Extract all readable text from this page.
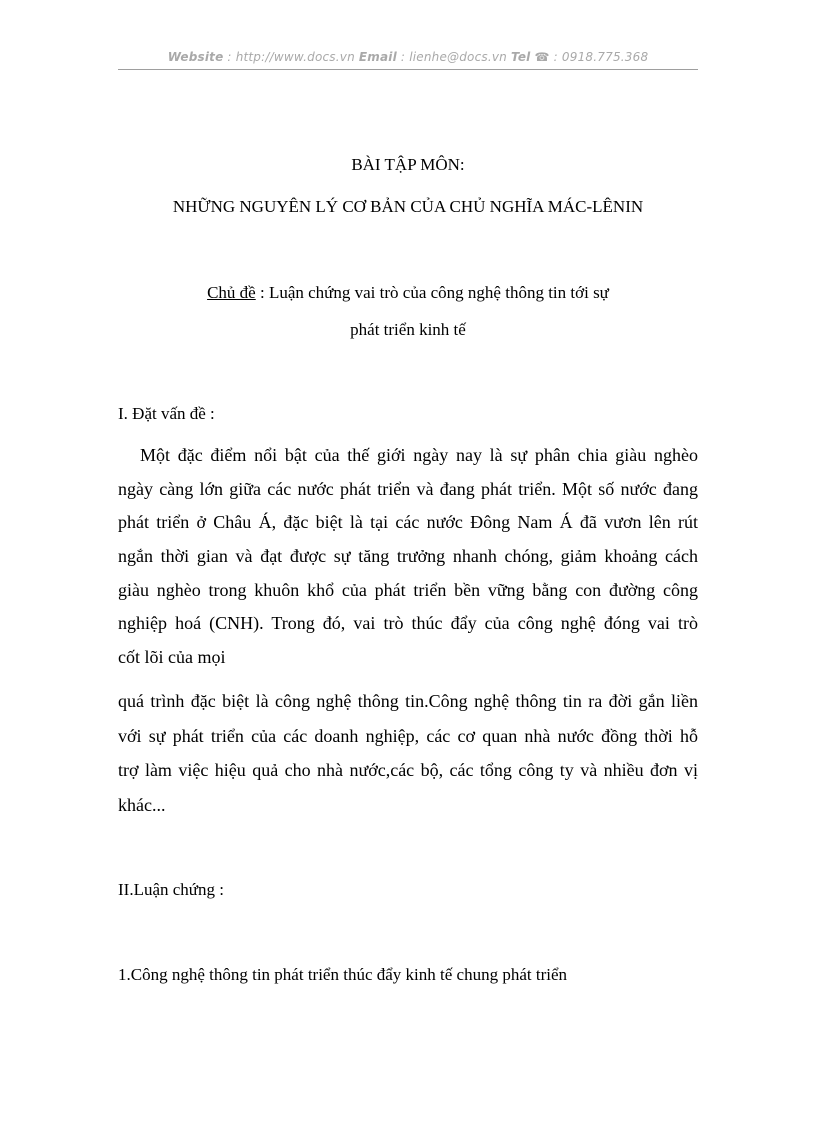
Website : http://www.docs.vn Email : lienhe@docs.vn Tel ☎ : 0918.775.368
BÀI TẬP MÔN:
NHỮNG NGUYÊN LÝ CƠ BẢN CỦA CHỦ NGHĨA MÁC-LÊNIN
Chủ đề : Luận chứng vai trò của công nghệ thông tin tới sự
phát triển kinh tế
I. Đặt vấn đề :
Một đặc điểm nổi bật của thế giới ngày nay là sự phân chia giàu nghèo
ngày càng lớn giữa các nước phát triển và đang phát triển. Một số nước đang
phát triển ở Châu Á, đặc biệt là tại các nước Đông Nam Á đã vươn lên rút
ngắn thời gian và đạt được sự tăng trưởng nhanh chóng, giảm khoảng cách
giàu nghèo trong khuôn khổ của phát triển bền vững bằng con đường công
nghiệp hoá (CNH). Trong đó, vai trò thúc đẩy của công nghệ đóng vai trò
cốt lõi của mọi
quá trình đặc biệt là công nghệ thông tin.Công nghệ thông tin ra đời gắn liền
với sự phát triển của các doanh nghiệp, các cơ quan nhà nước đồng thời hỗ
trợ làm việc hiệu quả cho nhà nước,các bộ, các tổng công ty và nhiều đơn vị
khác...
II.Luận chứng :
1.Công nghệ thông tin phát triển thúc đẩy kinh tế chung phát triển
